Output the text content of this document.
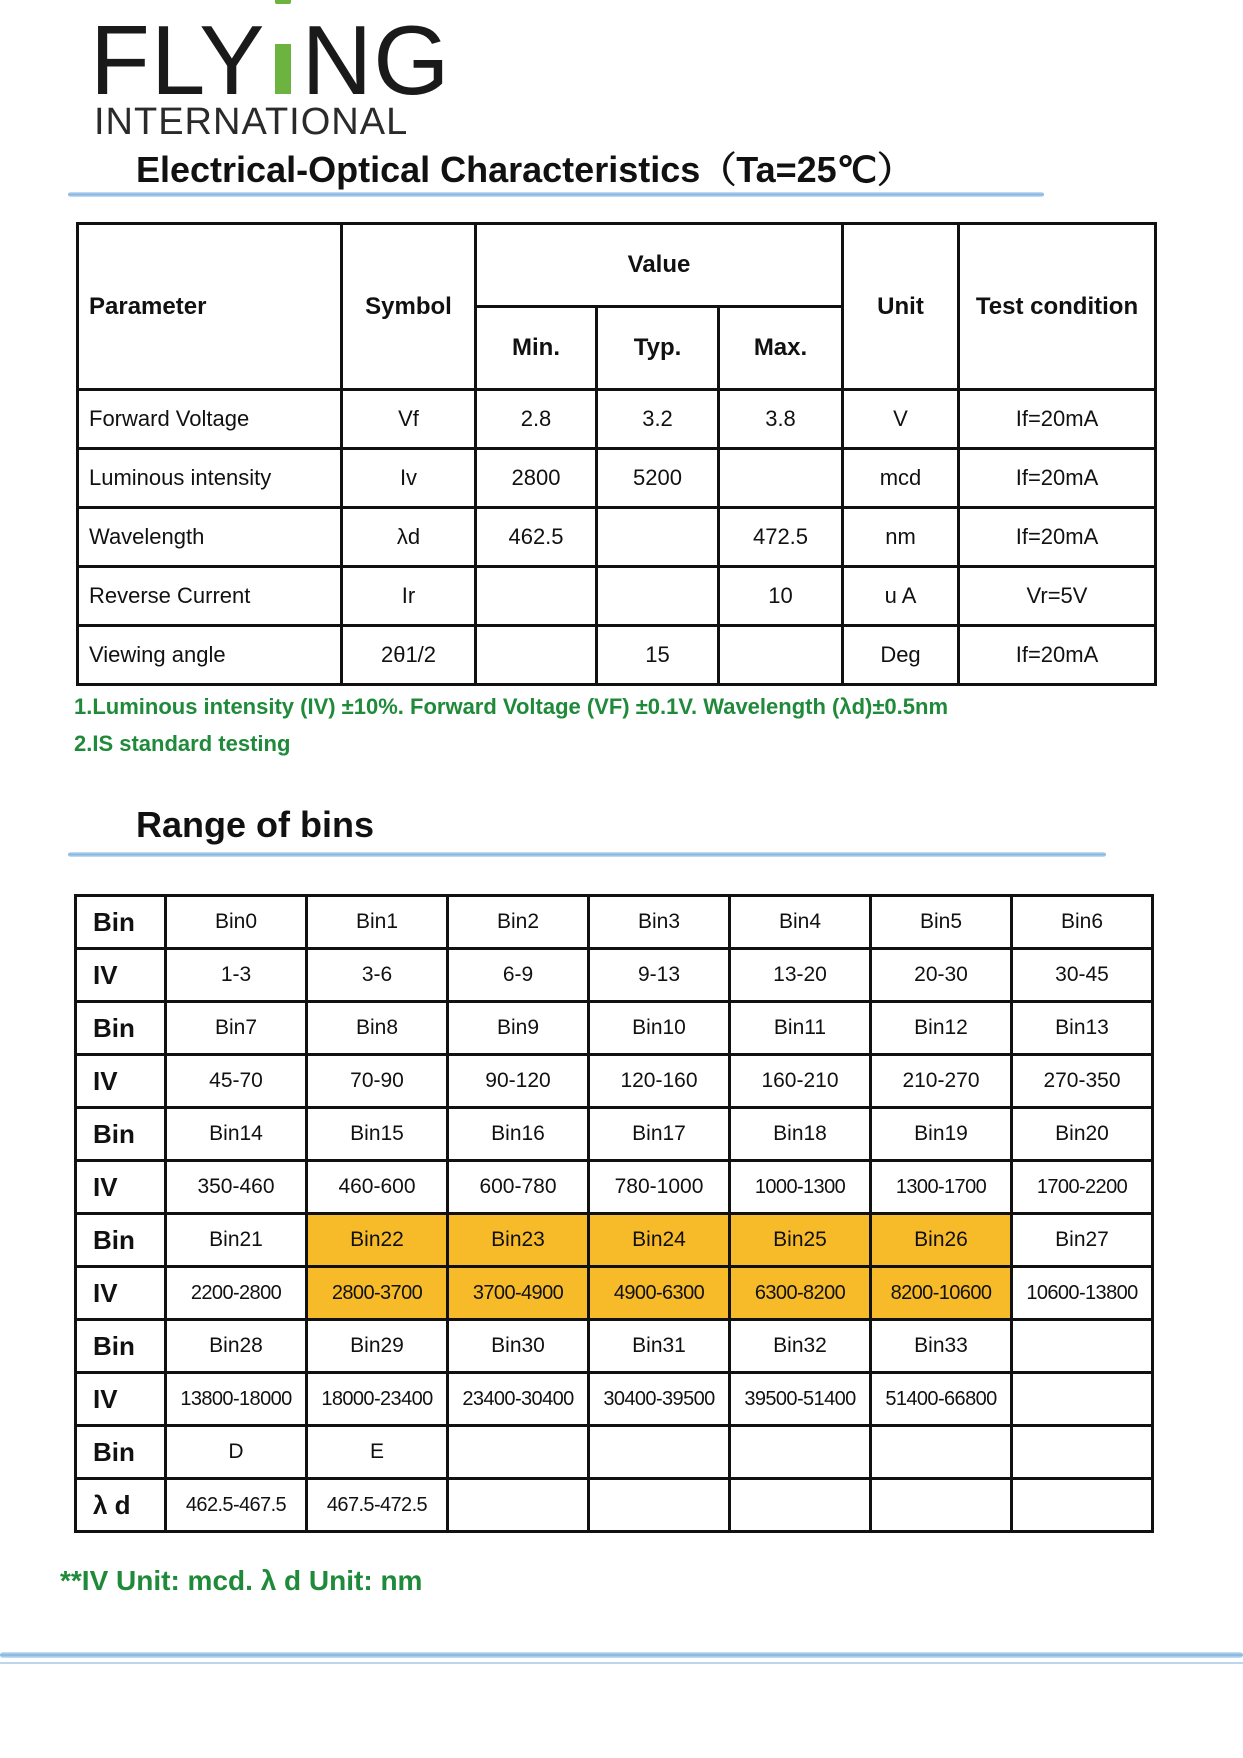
FLY NG
INTERNATIONAL
Electrical-Optical Characteristics（Ta=25℃）
Parameter	Symbol	Value			Unit	Test condition
		Min.	Typ.	Max.		
Forward Voltage	Vf	2.8	3.2	3.8	V	If=20mA
Luminous intensity	Iv	2800	5200		mcd	If=20mA
Wavelength	λd	462.5		472.5	nm	If=20mA
Reverse Current	Ir			10	u A	Vr=5V
Viewing angle	2θ1/2		15		Deg	If=20mA
1.Luminous intensity (IV) ±10%. Forward Voltage (VF) ±0.1V. Wavelength (λd)±0.5nm
2.IS standard testing
Range of bins
Bin	Bin0	Bin1	Bin2	Bin3	Bin4	Bin5	Bin6
IV	1-3	3-6	6-9	9-13	13-20	20-30	30-45
Bin	Bin7	Bin8	Bin9	Bin10	Bin11	Bin12	Bin13
IV	45-70	70-90	90-120	120-160	160-210	210-270	270-350
Bin	Bin14	Bin15	Bin16	Bin17	Bin18	Bin19	Bin20
IV	350-460	460-600	600-780	780-1000	1000-1300	1300-1700	1700-2200
Bin	Bin21	Bin22	Bin23	Bin24	Bin25	Bin26	Bin27
IV	2200-2800	2800-3700	3700-4900	4900-6300	6300-8200	8200-10600	10600-13800
Bin	Bin28	Bin29	Bin30	Bin31	Bin32	Bin33	
IV	13800-18000	18000-23400	23400-30400	30400-39500	39500-51400	51400-66800	
Bin	D	E					
λ d	462.5-467.5	467.5-472.5					
**IV Unit: mcd. λ d Unit: nm
